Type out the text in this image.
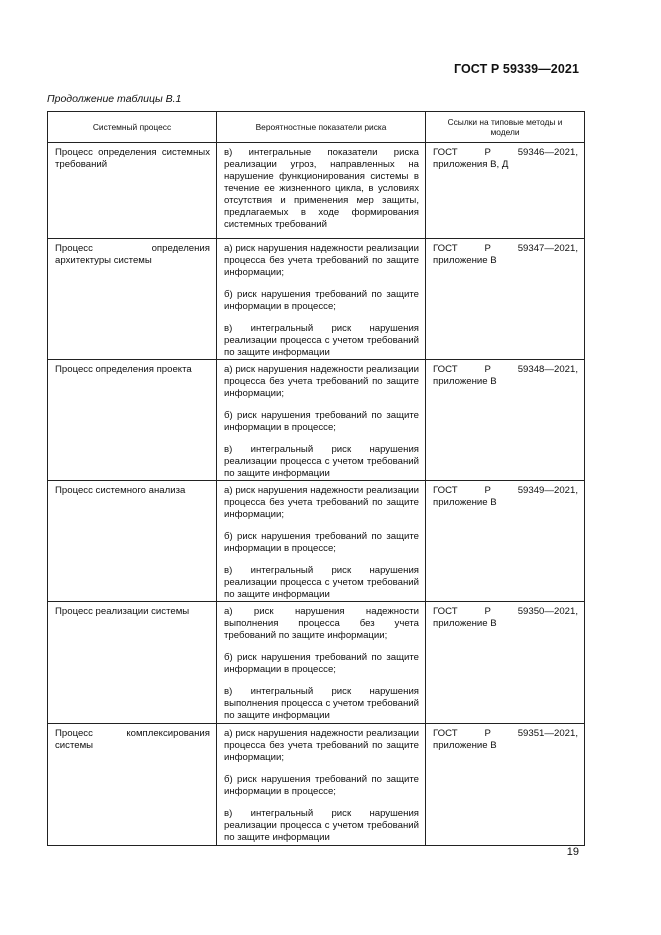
ГОСТ Р 59339—2021
Продолжение таблицы В.1
Системный процесс	Вероятностные показатели риска	Ссылки на типовые методы и модели

Процесс определения системных требований	в) интегральные показатели риска реализации угроз, направленных на нарушение функционирования системы в течение ее жизненного цикла, в условиях отсутствия и применения мер защиты, предлагаемых в ходе формирования системных требований	ГОСТ Р 59346—2021, приложения В, Д

Процесс определения архитектуры системы	а) риск нарушения надежности реализации процесса без учета требований по защите информации;
б) риск нарушения требований по защите информации в процессе;
в) интегральный риск нарушения реализации процесса с учетом требований по защите информации	ГОСТ Р 59347—2021, приложение В

Процесс определения проекта	а) риск нарушения надежности реализации процесса без учета требований по защите информации;
б) риск нарушения требований по защите информации в процессе;
в) интегральный риск нарушения реализации процесса с учетом требований по защите информации	ГОСТ Р 59348—2021, приложение В

Процесс системного анализа	а) риск нарушения надежности реализации процесса без учета требований по защите информации;
б) риск нарушения требований по защите информации в процессе;
в) интегральный риск нарушения реализации процесса с учетом требований по защите информации	ГОСТ Р 59349—2021, приложение В

Процесс реализации системы	а) риск нарушения надежности выполнения процесса без учета требований по защите информации;
б) риск нарушения требований по защите информации в процессе;
в) интегральный риск нарушения выполнения процесса с учетом требований по защите информации	ГОСТ Р 59350—2021, приложение В

Процесс комплексирования системы	а) риск нарушения надежности реализации процесса без учета требований по защите информации;
б) риск нарушения требований по защите информации в процессе;
в) интегральный риск нарушения реализации процесса с учетом требований по защите информации	ГОСТ Р 59351—2021, приложение В
19
